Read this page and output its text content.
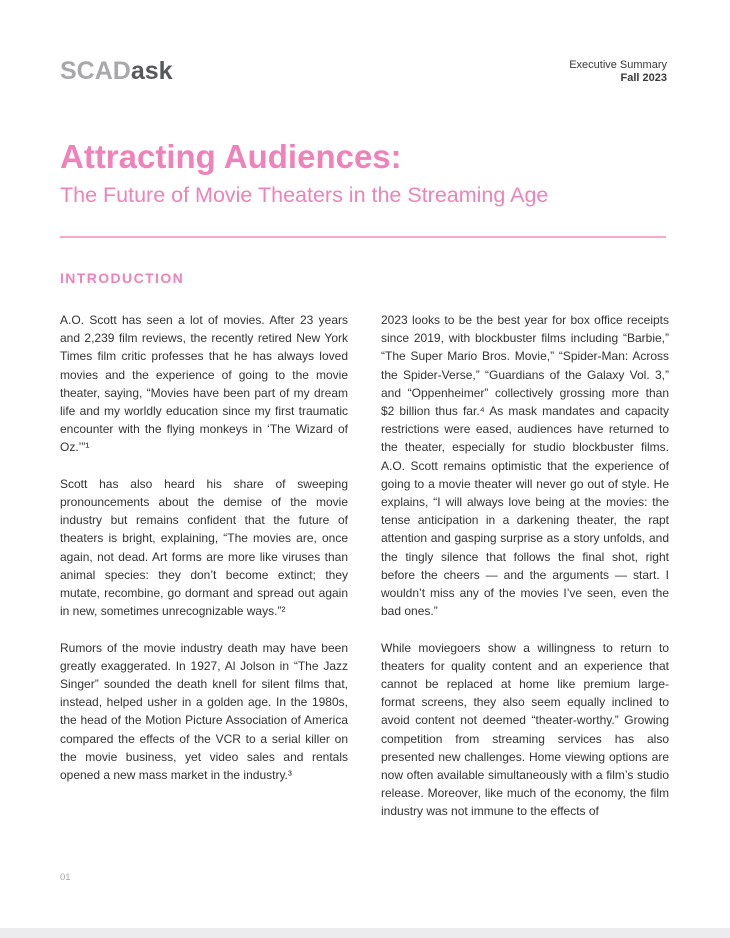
SCADask	Executive Summary
Fall 2023
Attracting Audiences:
The Future of Movie Theaters in the Streaming Age
INTRODUCTION

A.O. Scott has seen a lot of movies. After 23 years and 2,239 film reviews, the recently retired New York Times film critic professes that he has always loved movies and the experience of going to the movie theater, saying, “Movies have been part of my dream life and my worldly education since my first traumatic encounter with the flying monkeys in ‘The Wizard of Oz.’”¹

Scott has also heard his share of sweeping pronouncements about the demise of the movie industry but remains confident that the future of theaters is bright, explaining, “The movies are, once again, not dead. Art forms are more like viruses than animal species: they don’t become extinct; they mutate, recombine, go dormant and spread out again in new, sometimes unrecognizable ways.”²

Rumors of the movie industry death may have been greatly exaggerated. In 1927, Al Jolson in “The Jazz Singer” sounded the death knell for silent films that, instead, helped usher in a golden age. In the 1980s, the head of the Motion Picture Association of America compared the effects of the VCR to a serial killer on the movie business, yet video sales and rentals opened a new mass market in the industry.³

2023 looks to be the best year for box office receipts since 2019, with blockbuster films including “Barbie,” “The Super Mario Bros. Movie,” “Spider-Man: Across the Spider-Verse,” “Guardians of the Galaxy Vol. 3,” and “Oppenheimer” collectively grossing more than $2 billion thus far.⁴ As mask mandates and capacity restrictions were eased, audiences have returned to the theater, especially for studio blockbuster films. A.O. Scott remains optimistic that the experience of going to a movie theater will never go out of style. He explains, “I will always love being at the movies: the tense anticipation in a darkening theater, the rapt attention and gasping surprise as a story unfolds, and the tingly silence that follows the final shot, right before the cheers — and the arguments — start. I wouldn’t miss any of the movies I’ve seen, even the bad ones.”

While moviegoers show a willingness to return to theaters for quality content and an experience that cannot be replaced at home like premium large-format screens, they also seem equally inclined to avoid content not deemed “theater-worthy.” Growing competition from streaming services has also presented new challenges. Home viewing options are now often available simultaneously with a film’s studio release. Moreover, like much of the economy, the film industry was not immune to the effects of

01
